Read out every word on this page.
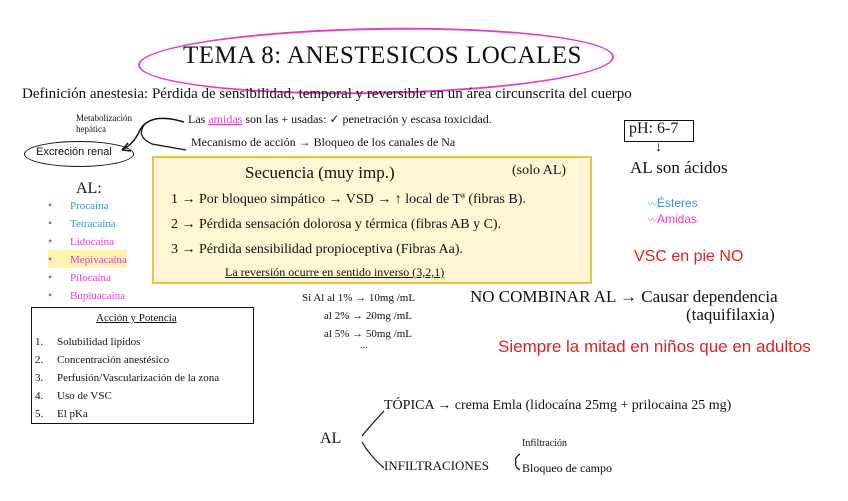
TEMA 8: ANESTESICOS LOCALES
Definición anestesia: Pérdida de sensibilidad, temporal y reversible en un área circunscrita del cuerpo
Metabolización
hepática
Excreción renal
Las amidas son las + usadas: ✓ penetración y escasa toxicidad.
Mecanismo de acción → Bloqueo de los canales de Na
pH: 6-7
↓
AL son ácidos
〰Ésteres
〰Amidas
VSC en pie NO
Secuencia (muy imp.)	(solo AL)
1 → Por bloqueo simpático → VSD → ↑ local de Tª (fibras B).
2 → Pérdida sensación dolorosa y térmica (fibras AB y C).
3 → Pérdida sensibilidad propioceptiva (Fibras Aa).
La reversión ocurre en sentido inverso (3,2,1)
AL:
• Procaína
• Tetracaína
• Lidocaína
• Mepivacaína
• Pilocaína
• Bupiuacaína	Si Al al 1% → 10mg /mL
al 2% → 20mg /mL
al 5% → 50mg /mL
...
NO COMBINAR AL → Causar dependencia
(taquifilaxia)
Siempre la mitad en niños que en adultos
Acción y Potencia
1. Solubilidad lípidos
2. Concentración anestésico
3. Perfusión/Vascularización de la zona
4. Uso de VSC
5. El pKa
AL
TÓPICA → crema Emla (lidocaína 25mg + prilocaina 25 mg)
INFILTRACIONES
Infiltración
Bloqueo de campo
